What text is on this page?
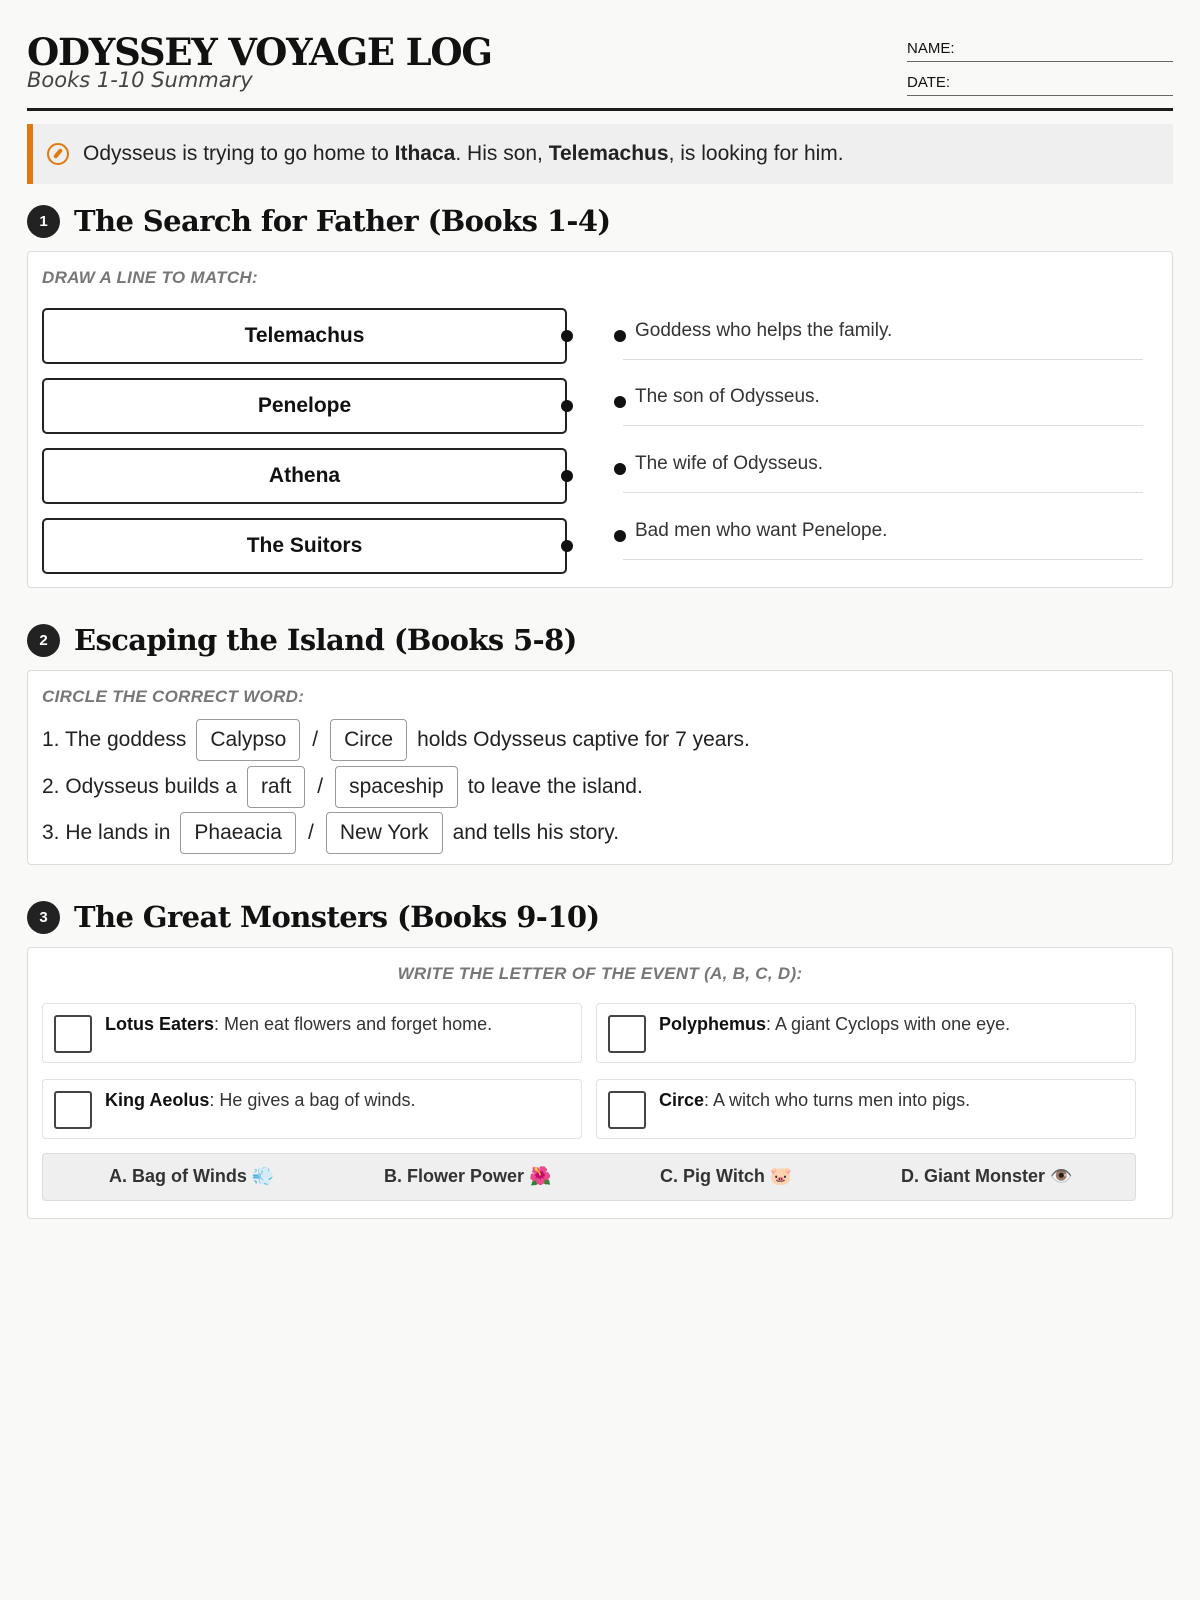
ODYSSEY VOYAGE LOG
Books 1-10 Summary
NAME:
DATE:
Odysseus is trying to go home to Ithaca. His son, Telemachus, is looking for him.
1 The Search for Father (Books 1-4)
DRAW A LINE TO MATCH:
Telemachus
Penelope
Athena
The Suitors
Goddess who helps the family.
The son of Odysseus.
The wife of Odysseus.
Bad men who want Penelope.
2 Escaping the Island (Books 5-8)
CIRCLE THE CORRECT WORD:
1. The goddess	Calypso	/	Circe	holds Odysseus captive for 7 years.
2. Odysseus builds a	raft	/	spaceship	to leave the island.
3. He lands in	Phaeacia	/	New York	and tells his story.
3 The Great Monsters (Books 9-10)
WRITE THE LETTER OF THE EVENT (A, B, C, D):
Lotus Eaters: Men eat flowers and forget home.	Polyphemus: A giant Cyclops with one eye.
King Aeolus: He gives a bag of winds.	Circe: A witch who turns men into pigs.
A. Bag of Winds 💨	B. Flower Power 🌺	C. Pig Witch 🐷	D. Giant Monster 👁️
